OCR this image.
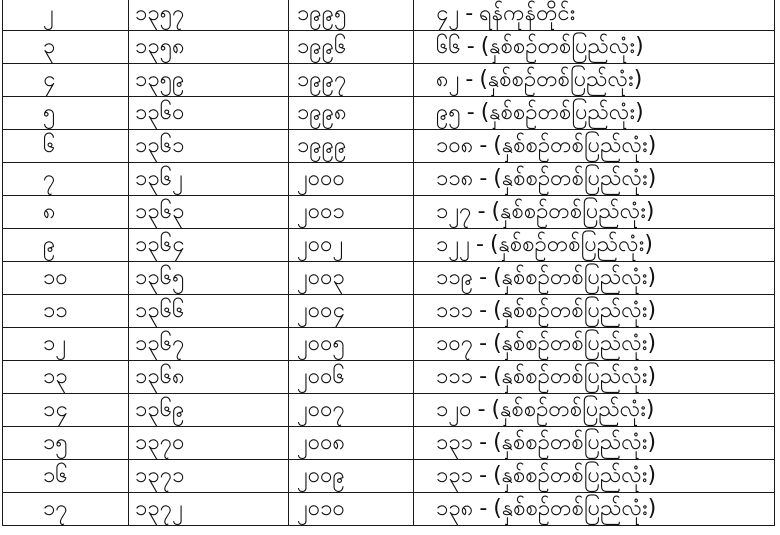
၂	၁၃၅၇	၁၉၉၅	၄၂ - ရန်ကုန်တိုင်း
၃	၁၃၅၈	၁၉၉၆	၆၆ - (နှစ်စဉ်တစ်ပြည်လုံး)
၄	၁၃၅၉	၁၉၉၇	၈၂ - (နှစ်စဉ်တစ်ပြည်လုံး)
၅	၁၃၆၀	၁၉၉၈	၉၅ - (နှစ်စဉ်တစ်ပြည်လုံး)
၆	၁၃၆၁	၁၉၉၉	၁၀၈ - (နှစ်စဉ်တစ်ပြည်လုံး)
၇	၁၃၆၂	၂၀၀၀	၁၁၈ - (နှစ်စဉ်တစ်ပြည်လုံး)
၈	၁၃၆၃	၂၀၀၁	၁၂၇ - (နှစ်စဉ်တစ်ပြည်လုံး)
၉	၁၃၆၄	၂၀၀၂	၁၂၂ - (နှစ်စဉ်တစ်ပြည်လုံး)
၁၀	၁၃၆၅	၂၀၀၃	၁၁၉ - (နှစ်စဉ်တစ်ပြည်လုံး)
၁၁	၁၃၆၆	၂၀၀၄	၁၁၁ - (နှစ်စဉ်တစ်ပြည်လုံး)
၁၂	၁၃၆၇	၂၀၀၅	၁၀၇ - (နှစ်စဉ်တစ်ပြည်လုံး)
၁၃	၁၃၆၈	၂၀၀၆	၁၁၁ - (နှစ်စဉ်တစ်ပြည်လုံး)
၁၄	၁၃၆၉	၂၀၀၇	၁၂၀ - (နှစ်စဉ်တစ်ပြည်လုံး)
၁၅	၁၃၇၀	၂၀၀၈	၁၃၁ - (နှစ်စဉ်တစ်ပြည်လုံး)
၁၆	၁၃၇၁	၂၀၀၉	၁၃၁ - (နှစ်စဉ်တစ်ပြည်လုံး)
၁၇	၁၃၇၂	၂၀၁၀	၁၃၈ - (နှစ်စဉ်တစ်ပြည်လုံး)
